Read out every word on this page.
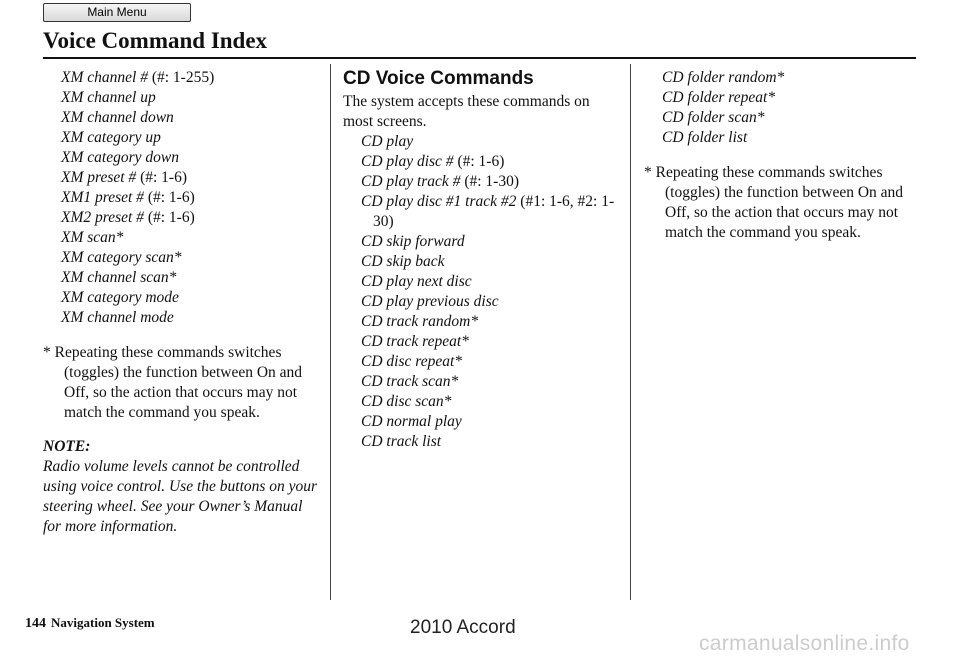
Main Menu
Voice Command Index
XM channel # (#: 1-255)
XM channel up
XM channel down
XM category up
XM category down
XM preset # (#: 1-6)
XM1 preset # (#: 1-6)
XM2 preset # (#: 1-6)
XM scan*
XM category scan*
XM channel scan*
XM category mode
XM channel mode
* Repeating these commands switches (toggles) the function between On and Off, so the action that occurs may not match the command you speak.
NOTE:
Radio volume levels cannot be controlled using voice control. Use the buttons on your steering wheel. See your Owner’s Manual for more information.
CD Voice Commands
The system accepts these commands on most screens.
CD play
CD play disc # (#: 1-6)
CD play track # (#: 1-30)
CD play disc #1 track #2 (#1: 1-6, #2: 1-30)
CD skip forward
CD skip back
CD play next disc
CD play previous disc
CD track random*
CD track repeat*
CD disc repeat*
CD track scan*
CD disc scan*
CD normal play
CD track list
CD folder random*
CD folder repeat*
CD folder scan*
CD folder list
* Repeating these commands switches (toggles) the function between On and Off, so the action that occurs may not match the command you speak.
144 Navigation System	2010 Accord
carmanualsonline.info
